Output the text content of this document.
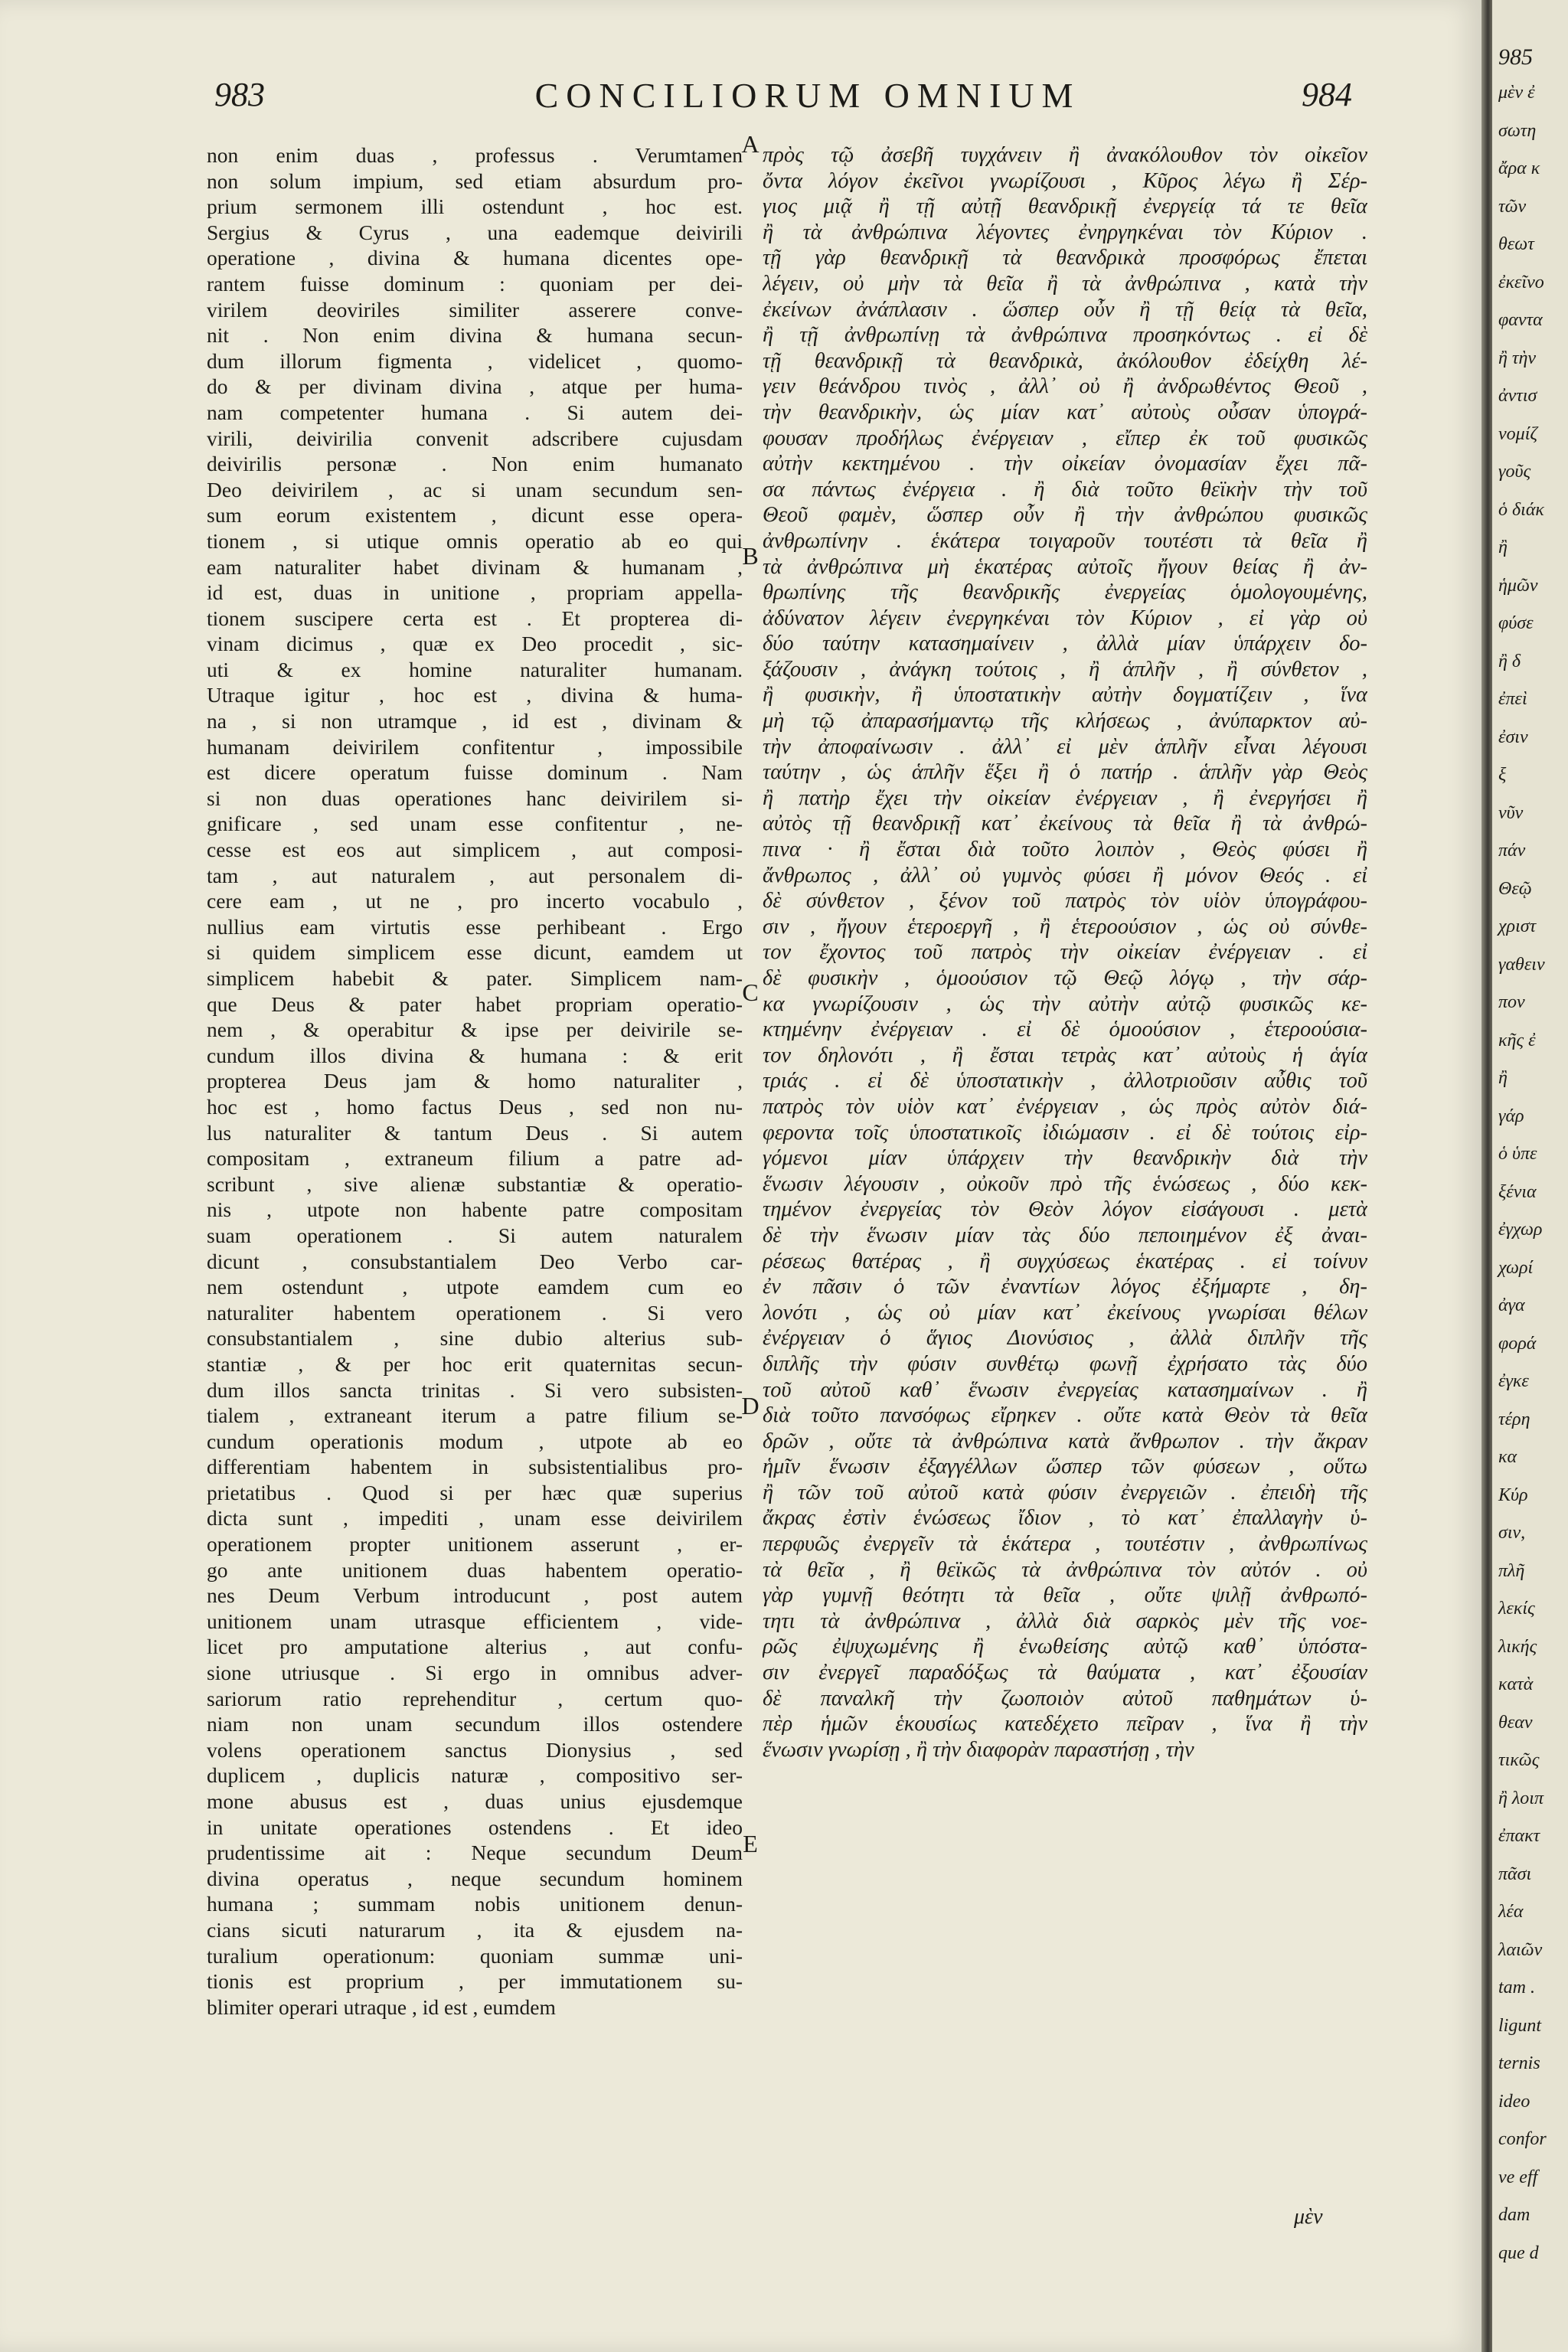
983	CONCILIORUM OMNIUM	984
non enim duas , professus . Verumtamen
non solum impium, sed etiam absurdum pro-
prium sermonem illi ostendunt , hoc est.
Sergius & Cyrus , una eademque deivirili
operatione , divina & humana dicentes ope-
rantem fuisse dominum : quoniam per dei-
virilem deoviriles similiter asserere conve-
nit . Non enim divina & humana secun-
dum illorum figmenta , videlicet , quomo-
do & per divinam divina , atque per huma-
nam competenter humana . Si autem dei-
virili, deivirilia convenit adscribere cujusdam
deivirilis personæ . Non enim humanato
Deo deivirilem , ac si unam secundum sen-
sum eorum existentem , dicunt esse opera-
tionem , si utique omnis operatio ab eo qui
eam naturaliter habet divinam & humanam ,
id est, duas in unitione , propriam appella-
tionem suscipere certa est . Et propterea di-
vinam dicimus , quæ ex Deo procedit , sic-
uti & ex homine naturaliter humanam.
Utraque igitur , hoc est , divina & huma-
na , si non utramque , id est , divinam &
humanam deivirilem confitentur , impossibile
est dicere operatum fuisse dominum . Nam
si non duas operationes hanc deivirilem si-
gnificare , sed unam esse confitentur , ne-
cesse est eos aut simplicem , aut composi-
tam , aut naturalem , aut personalem di-
cere eam , ut ne , pro incerto vocabulo ,
nullius eam virtutis esse perhibeant . Ergo
si quidem simplicem esse dicunt, eamdem ut
simplicem habebit & pater. Simplicem nam-
que Deus & pater habet propriam operatio-
nem , & operabitur & ipse per deivirile se-
cundum illos divina & humana : & erit
propterea Deus jam & homo naturaliter ,
hoc est , homo factus Deus , sed non nu-
lus naturaliter & tantum Deus . Si autem
compositam , extraneum filium a patre ad-
scribunt , sive alienæ substantiæ & operatio-
nis , utpote non habente patre compositam
suam operationem . Si autem naturalem
dicunt , consubstantialem Deo Verbo car-
nem ostendunt , utpote eamdem cum eo
naturaliter habentem operationem . Si vero
consubstantialem , sine dubio alterius sub-
stantiæ , & per hoc erit quaternitas secun-
dum illos sancta trinitas . Si vero subsisten-
tialem , extraneant iterum a patre filium se-
cundum operationis modum , utpote ab eo
differentiam habentem in subsistentialibus pro-
prietatibus . Quod si per hæc quæ superius
dicta sunt , impediti , unam esse deivirilem
operationem propter unitionem asserunt , er-
go ante unitionem duas habentem operatio-
nes Deum Verbum introducunt , post autem
unitionem unam utrasque efficientem , vide-
licet pro amputatione alterius , aut confu-
sione utriusque . Si ergo in omnibus adver-
sariorum ratio reprehenditur , certum quo-
niam non unam secundum illos ostendere
volens operationem sanctus Dionysius , sed
duplicem , duplicis naturæ , compositivo ser-
mone abusus est , duas unius ejusdemque
in unitate operationes ostendens . Et ideo
prudentissime ait : Neque secundum Deum
divina operatus , neque secundum hominem
humana ; summam nobis unitionem denun-
cians sicuti naturarum , ita & ejusdem na-
turalium operationum: quoniam summæ uni-
tionis est proprium , per immutationem su-
blimiter operari utraque , id est , eumdem
πρὸς τῷ ἀσεβῆ τυγχάνειν ἢ ἀνακόλουθον τὸν οἰκεῖον
ὄντα λόγον ἐκεῖνοι γνωρίζουσι , Κῦρος λέγω ἢ Σέρ-
γιος μιᾷ ἢ τῇ αὐτῇ θεανδρικῇ ἐνεργείᾳ τά τε θεῖα
ἢ τὰ ἀνθρώπινα λέγοντες ἐνηργηκέναι τὸν Κύριον .
τῇ γὰρ θεανδρικῇ τὰ θεανδρικὰ προσφόρως ἔπεται
λέγειν, οὐ μὴν τὰ θεῖα ἢ τὰ ἀνθρώπινα , κατὰ τὴν
ἐκείνων ἀνάπλασιν . ὥσπερ οὖν ἢ τῇ θείᾳ τὰ θεῖα,
ἢ τῇ ἀνθρωπίνῃ τὰ ἀνθρώπινα προσηκόντως . εἰ δὲ
τῇ θεανδρικῇ τὰ θεανδρικὰ, ἀκόλουθον ἐδείχθη λέ-
γειν θεάνδρου τινὸς , ἀλλ᾽ οὐ ἢ ἀνδρωθέντος Θεοῦ ,
τὴν θεανδρικὴν, ὡς μίαν κατ᾽ αὐτοὺς οὖσαν ὑπογρά-
φουσαν προδήλως ἐνέργειαν , εἴπερ ἐκ τοῦ φυσικῶς
αὐτὴν κεκτημένου . τὴν οἰκείαν ὀνομασίαν ἔχει πᾶ-
σα πάντως ἐνέργεια . ἢ διὰ τοῦτο θεϊκὴν τὴν τοῦ
Θεοῦ φαμὲν, ὥσπερ οὖν ἢ τὴν ἀνθρώπου φυσικῶς
ἀνθρωπίνην . ἑκάτερα τοιγαροῦν τουτέστι τὰ θεῖα ἢ
τὰ ἀνθρώπινα μὴ ἑκατέρας αὐτοῖς ἤγουν θείας ἢ ἀν-
θρωπίνης τῆς θεανδρικῆς ἐνεργείας ὁμολογουμένης,
ἀδύνατον λέγειν ἐνεργηκέναι τὸν Κύριον , εἰ γὰρ οὐ
δύο ταύτην κατασημαίνειν , ἀλλὰ μίαν ὑπάρχειν δο-
ξάζουσιν , ἀνάγκη τούτοις , ἢ ἁπλῆν , ἢ σύνθετον ,
ἢ φυσικὴν, ἢ ὑποστατικὴν αὐτὴν δογματίζειν , ἵνα
μὴ τῷ ἀπαρασήμαντῳ τῆς κλήσεως , ἀνύπαρκτον αὐ-
τὴν ἀποφαίνωσιν . ἀλλ᾽ εἰ μὲν ἁπλῆν εἶναι λέγουσι
ταύτην , ὡς ἁπλῆν ἕξει ἢ ὁ πατήρ . ἁπλῆν γὰρ Θεὸς
ἢ πατὴρ ἔχει τὴν οἰκείαν ἐνέργειαν , ἢ ἐνεργήσει ἢ
αὐτὸς τῇ θεανδρικῇ κατ᾽ ἐκείνους τὰ θεῖα ἢ τὰ ἀνθρώ-
πινα · ἢ ἔσται διὰ τοῦτο λοιπὸν , Θεὸς φύσει ἢ
ἄνθρωπος , ἀλλ᾽ οὐ γυμνὸς φύσει ἢ μόνον Θεός . εἰ
δὲ σύνθετον , ξένον τοῦ πατρὸς τὸν υἱὸν ὑπογράφου-
σιν , ἤγουν ἑτεροεργῆ , ἢ ἑτεροούσιον , ὡς οὐ σύνθε-
τον ἔχοντος τοῦ πατρὸς τὴν οἰκείαν ἐνέργειαν . εἰ
δὲ φυσικὴν , ὁμοούσιον τῷ Θεῷ λόγῳ , τὴν σάρ-
κα γνωρίζουσιν , ὡς τὴν αὐτὴν αὐτῷ φυσικῶς κε-
κτημένην ἐνέργειαν . εἰ δὲ ὁμοούσιον , ἑτεροούσια-
τον δηλονότι , ἢ ἔσται τετρὰς κατ᾽ αὐτοὺς ἡ ἁγία
τριάς . εἰ δὲ ὑποστατικὴν , ἀλλοτριοῦσιν αὖθις τοῦ
πατρὸς τὸν υἱὸν κατ᾽ ἐνέργειαν , ὡς πρὸς αὐτὸν διά-
φεροντα τοῖς ὑποστατικοῖς ἰδιώμασιν . εἰ δὲ τούτοις εἰρ-
γόμενοι μίαν ὑπάρχειν τὴν θεανδρικὴν διὰ τὴν
ἕνωσιν λέγουσιν , οὐκοῦν πρὸ τῆς ἑνώσεως , δύο κεκ-
τημένον ἐνεργείας τὸν Θεὸν λόγον εἰσάγουσι . μετὰ
δὲ τὴν ἕνωσιν μίαν τὰς δύο πεποιημένον ἐξ ἀναι-
ρέσεως θατέρας , ἢ συγχύσεως ἑκατέρας . εἰ τοίνυν
ἐν πᾶσιν ὁ τῶν ἐναντίων λόγος ἐξήμαρτε , δη-
λονότι , ὡς οὐ μίαν κατ᾽ ἐκείνους γνωρίσαι θέλων
ἐνέργειαν ὁ ἅγιος Διονύσιος , ἀλλὰ διπλῆν τῆς
διπλῆς τὴν φύσιν συνθέτῳ φωνῇ ἐχρήσατο τὰς δύο
τοῦ αὐτοῦ καθ᾽ ἕνωσιν ἐνεργείας κατασημαίνων . ἢ
διὰ τοῦτο πανσόφως εἴρηκεν . οὔτε κατὰ Θεὸν τὰ θεῖα
δρῶν , οὔτε τὰ ἀνθρώπινα κατὰ ἄνθρωπον . τὴν ἄκραν
ἡμῖν ἕνωσιν ἐξαγγέλλων ὥσπερ τῶν φύσεων , οὕτω
ἢ τῶν τοῦ αὐτοῦ κατὰ φύσιν ἐνεργειῶν . ἐπειδὴ τῆς
ἄκρας ἐστὶν ἑνώσεως ἴδιον , τὸ κατ᾽ ἐπαλλαγὴν ὑ-
περφυῶς ἐνεργεῖν τὰ ἑκάτερα , τουτέστιν , ἀνθρωπίνως
τὰ θεῖα , ἢ θεϊκῶς τὰ ἀνθρώπινα τὸν αὐτόν . οὐ
γὰρ γυμνῇ θεότητι τὰ θεῖα , οὔτε ψιλῇ ἀνθρωπό-
τητι τὰ ἀνθρώπινα , ἀλλὰ διὰ σαρκὸς μὲν τῆς νοε-
ρῶς ἐψυχωμένης ἢ ἑνωθείσης αὐτῷ καθ᾽ ὑπόστα-
σιν ἐνεργεῖ παραδόξως τὰ θαύματα , κατ᾽ ἐξουσίαν
δὲ παναλκῆ τὴν ζωοποιὸν αὐτοῦ παθημάτων ὑ-
πὲρ ἡμῶν ἑκουσίως κατεδέχετο πεῖραν , ἵνα ἢ τὴν
ἕνωσιν γνωρίσῃ , ἢ τὴν διαφορὰν παραστήσῃ , τὴν
A
B
C
D
E
μὲν
985
μὲν ἐ
σωτη
ἄρα κ
τῶν
θεωτ
ἐκεῖνο
φαντα
ἢ τὴν
ἀντισ
νομίζ
γοῦς
ὁ διάκ
ἢ
ἡμῶν
φύσε
ἢ δ
ἐπεὶ
ἐσιν
ξ
νῦν
πάν
Θεῷ
χριστ
γαθειν
πον
κῆς ἐ
ἢ
γάρ
ὁ ὑπε
ξένια
ἐγχωρ
χωρί
ἀγα
φορά
ἐγκε
τέρη
κα
Κύρ
σιν,
πλῆ
λεκίς
λικής
κατὰ
θεαν
τικῶς
ἢ λοιπ
ἐπακτ
πᾶσι
λέα
λαιῶν
tam .
ligunt
ternis
ideo
confor
ve eff
dam
que d
